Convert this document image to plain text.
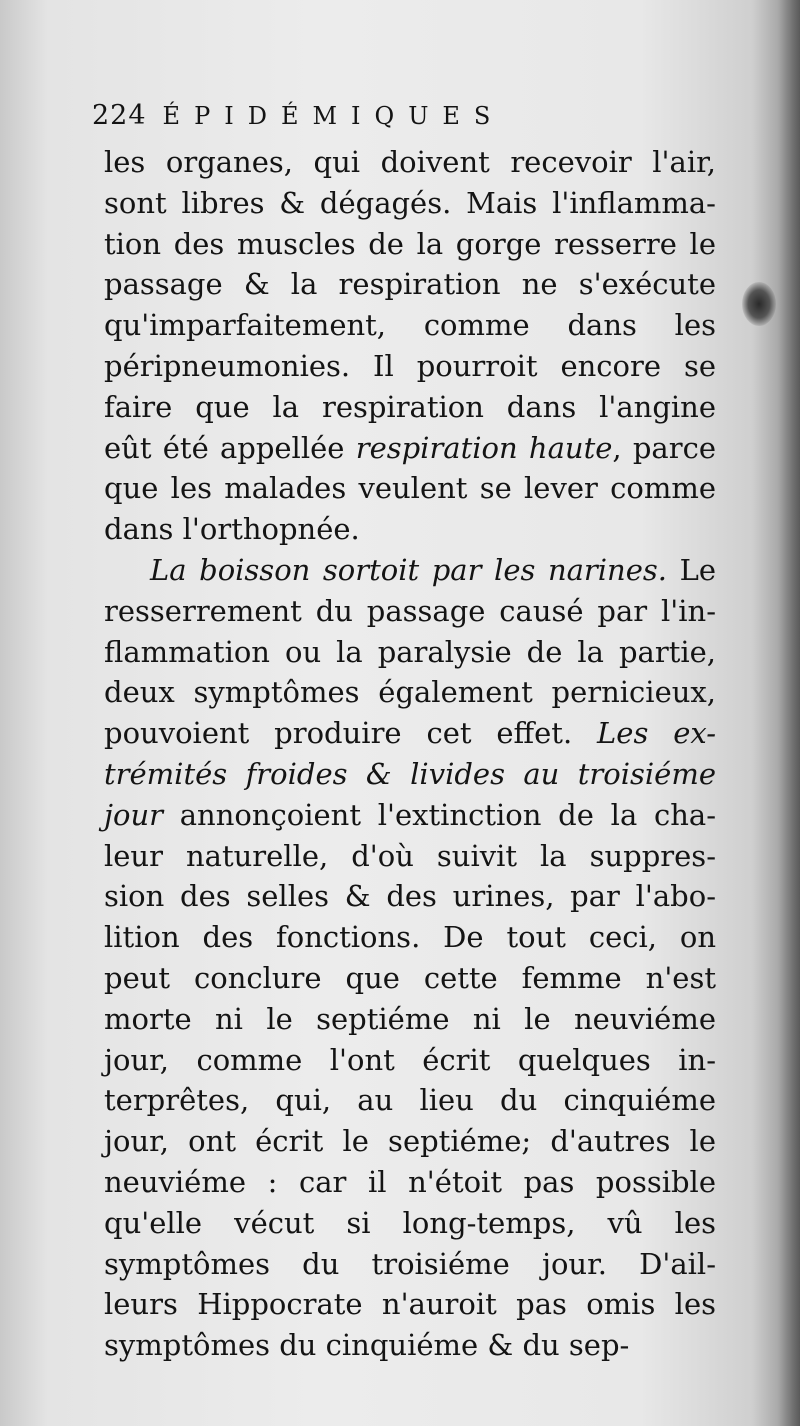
224 ÉPIDÉMIQUES
les organes, qui doivent recevoir l'air,
sont libres & dégagés. Mais l'inflamma-
tion des muscles de la gorge resserre le
passage & la respiration ne s'exécute
qu'imparfaitement, comme dans les
péripneumonies. Il pourroit encore se
faire que la respiration dans l'angine
eût été appellée respiration haute, parce
que les malades veulent se lever comme
dans l'orthopnée.
La boisson sortoit par les narines. Le
resserrement du passage causé par l'in-
flammation ou la paralysie de la partie,
deux symptômes également pernicieux,
pouvoient produire cet effet. Les ex-
trémités froides & livides au troisiéme
jour annonçoient l'extinction de la cha-
leur naturelle, d'où suivit la suppres-
sion des selles & des urines, par l'abo-
lition des fonctions. De tout ceci, on
peut conclure que cette femme n'est
morte ni le septiéme ni le neuviéme
jour, comme l'ont écrit quelques in-
terprêtes, qui, au lieu du cinquiéme
jour, ont écrit le septiéme; d'autres le
neuviéme : car il n'étoit pas possible
qu'elle vécut si long-temps, vû les
symptômes du troisiéme jour. D'ail-
leurs Hippocrate n'auroit pas omis les
symptômes du cinquiéme & du sep-
